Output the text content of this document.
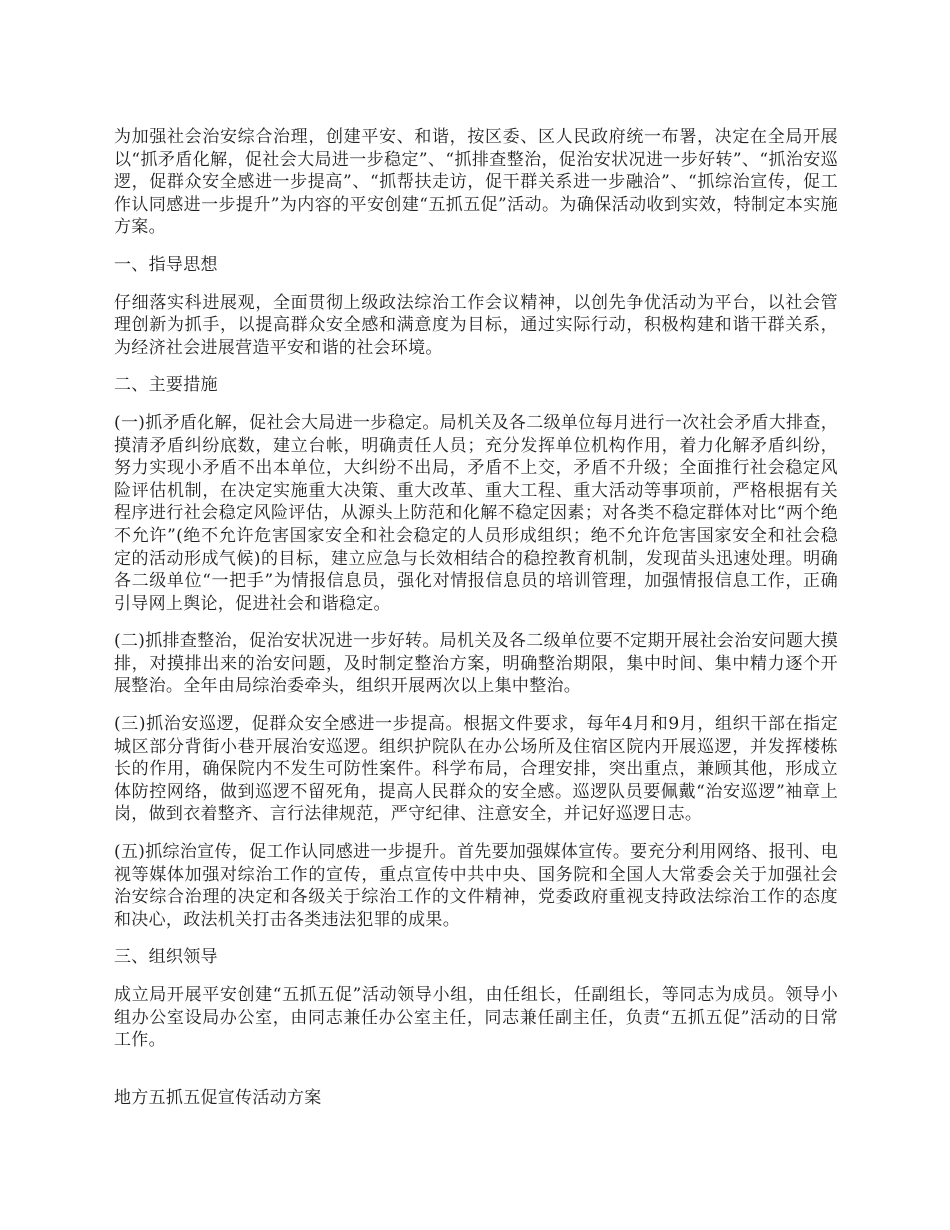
为加强社会治安综合治理，创建平安、和谐，按区委、区人民政府统一布署，决定在全局开展以“抓矛盾化解，促社会大局进一步稳定”、“抓排查整治，促治安状况进一步好转”、“抓治安巡逻，促群众安全感进一步提高”、“抓帮扶走访，促干群关系进一步融洽”、“抓综治宣传，促工作认同感进一步提升”为内容的平安创建“五抓五促”活动。为确保活动收到实效，特制定本实施方案。

一、指导思想

仔细落实科进展观，全面贯彻上级政法综治工作会议精神，以创先争优活动为平台，以社会管理创新为抓手，以提高群众安全感和满意度为目标，通过实际行动，积极构建和谐干群关系，为经济社会进展营造平安和谐的社会环境。

二、主要措施

(一)抓矛盾化解，促社会大局进一步稳定。局机关及各二级单位每月进行一次社会矛盾大排查，摸清矛盾纠纷底数，建立台帐，明确责任人员；充分发挥单位机构作用，着力化解矛盾纠纷，努力实现小矛盾不出本单位，大纠纷不出局，矛盾不上交，矛盾不升级；全面推行社会稳定风险评估机制，在决定实施重大决策、重大改革、重大工程、重大活动等事项前，严格根据有关程序进行社会稳定风险评估，从源头上防范和化解不稳定因素；对各类不稳定群体对比“两个绝不允许”(绝不允许危害国家安全和社会稳定的人员形成组织；绝不允许危害国家安全和社会稳定的活动形成气候)的目标，建立应急与长效相结合的稳控教育机制，发现苗头迅速处理。明确各二级单位“一把手”为情报信息员，强化对情报信息员的培训管理，加强情报信息工作，正确引导网上舆论，促进社会和谐稳定。

(二)抓排查整治，促治安状况进一步好转。局机关及各二级单位要不定期开展社会治安问题大摸排，对摸排出来的治安问题，及时制定整治方案，明确整治期限，集中时间、集中精力逐个开展整治。全年由局综治委牵头，组织开展两次以上集中整治。

(三)抓治安巡逻，促群众安全感进一步提高。根据文件要求，每年4月和9月，组织干部在指定城区部分背街小巷开展治安巡逻。组织护院队在办公场所及住宿区院内开展巡逻，并发挥楼栋长的作用，确保院内不发生可防性案件。科学布局，合理安排，突出重点，兼顾其他，形成立体防控网络，做到巡逻不留死角，提高人民群众的安全感。巡逻队员要佩戴“治安巡逻”袖章上岗，做到衣着整齐、言行法律规范，严守纪律、注意安全，并记好巡逻日志。

(五)抓综治宣传，促工作认同感进一步提升。首先要加强媒体宣传。要充分利用网络、报刊、电视等媒体加强对综治工作的宣传，重点宣传中共中央、国务院和全国人大常委会关于加强社会治安综合治理的决定和各级关于综治工作的文件精神，党委政府重视支持政法综治工作的态度和决心，政法机关打击各类违法犯罪的成果。

三、组织领导

成立局开展平安创建“五抓五促”活动领导小组，由任组长，任副组长，等同志为成员。领导小组办公室设局办公室，由同志兼任办公室主任，同志兼任副主任，负责“五抓五促”活动的日常工作。

地方五抓五促宣传活动方案
